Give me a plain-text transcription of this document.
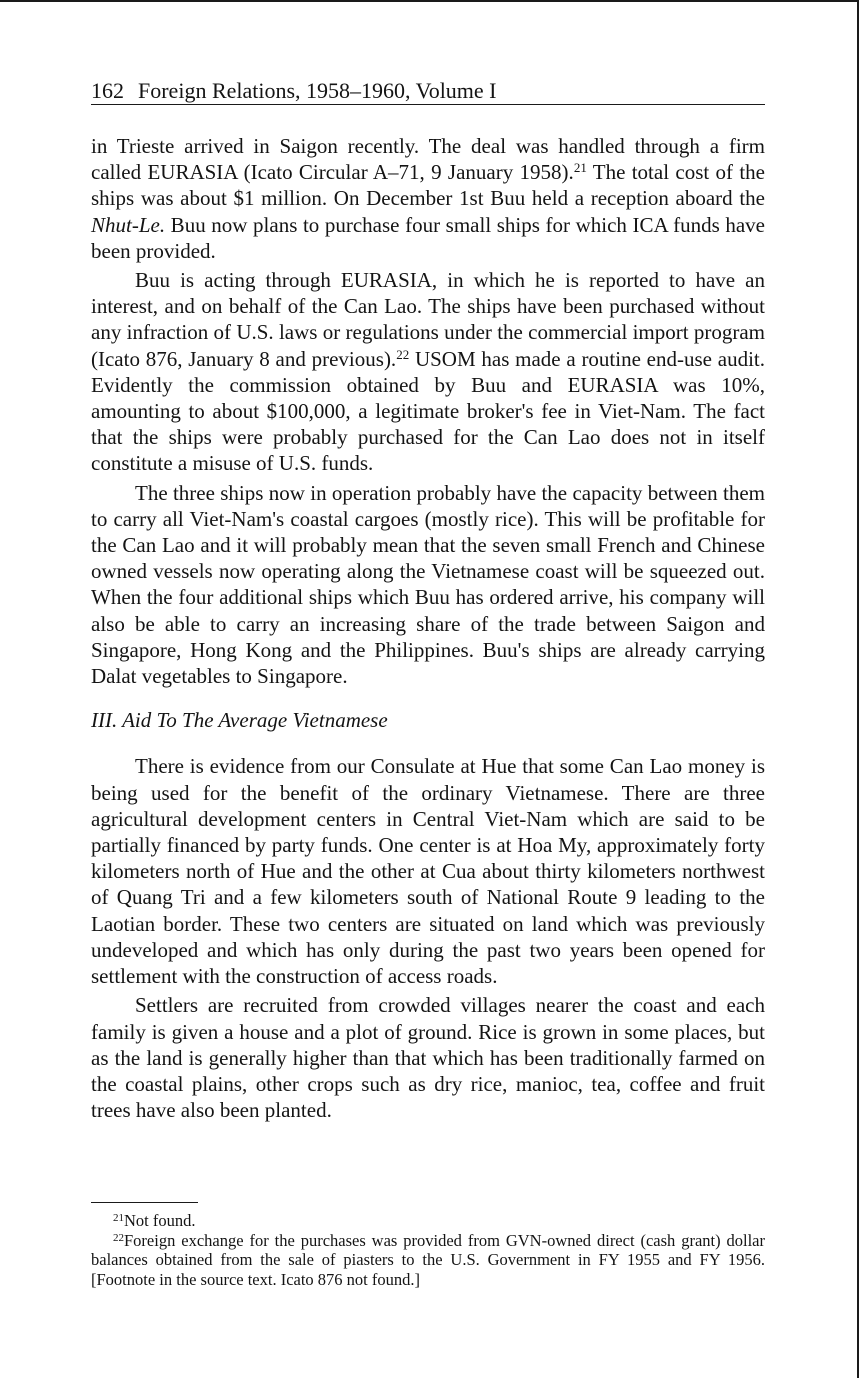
162 Foreign Relations, 1958–1960, Volume I

in Trieste arrived in Saigon recently. The deal was handled through a firm called EURASIA (Icato Circular A–71, 9 January 1958).$^{21}$ The total cost of the ships was about $1 million. On December 1st Buu held a reception aboard the Nhut-Le. Buu now plans to purchase four small ships for which ICA funds have been provided.

Buu is acting through EURASIA, in which he is reported to have an interest, and on behalf of the Can Lao. The ships have been purchased without any infraction of U.S. laws or regulations under the commercial import program (Icato 876, January 8 and previous).$^{22}$ USOM has made a routine end-use audit. Evidently the commission obtained by Buu and EURASIA was 10%, amounting to about $100,000, a legitimate broker's fee in Viet-Nam. The fact that the ships were probably purchased for the Can Lao does not in itself constitute a misuse of U.S. funds.

The three ships now in operation probably have the capacity between them to carry all Viet-Nam's coastal cargoes (mostly rice). This will be profitable for the Can Lao and it will probably mean that the seven small French and Chinese owned vessels now operating along the Vietnamese coast will be squeezed out. When the four additional ships which Buu has ordered arrive, his company will also be able to carry an increasing share of the trade between Saigon and Singapore, Hong Kong and the Philippines. Buu's ships are already carrying Dalat vegetables to Singapore.

III. Aid To The Average Vietnamese

There is evidence from our Consulate at Hue that some Can Lao money is being used for the benefit of the ordinary Vietnamese. There are three agricultural development centers in Central Viet-Nam which are said to be partially financed by party funds. One center is at Hoa My, approximately forty kilometers north of Hue and the other at Cua about thirty kilometers northwest of Quang Tri and a few kilometers south of National Route 9 leading to the Laotian border. These two centers are situated on land which was previously undeveloped and which has only during the past two years been opened for settlement with the construction of access roads.

Settlers are recruited from crowded villages nearer the coast and each family is given a house and a plot of ground. Rice is grown in some places, but as the land is generally higher than that which has been traditionally farmed on the coastal plains, other crops such as dry rice, manioc, tea, coffee and fruit trees have also been planted.

$^{21}$Not found.

$^{22}$Foreign exchange for the purchases was provided from GVN-owned direct (cash grant) dollar balances obtained from the sale of piasters to the U.S. Government in FY 1955 and FY 1956. [Footnote in the source text. Icato 876 not found.]
